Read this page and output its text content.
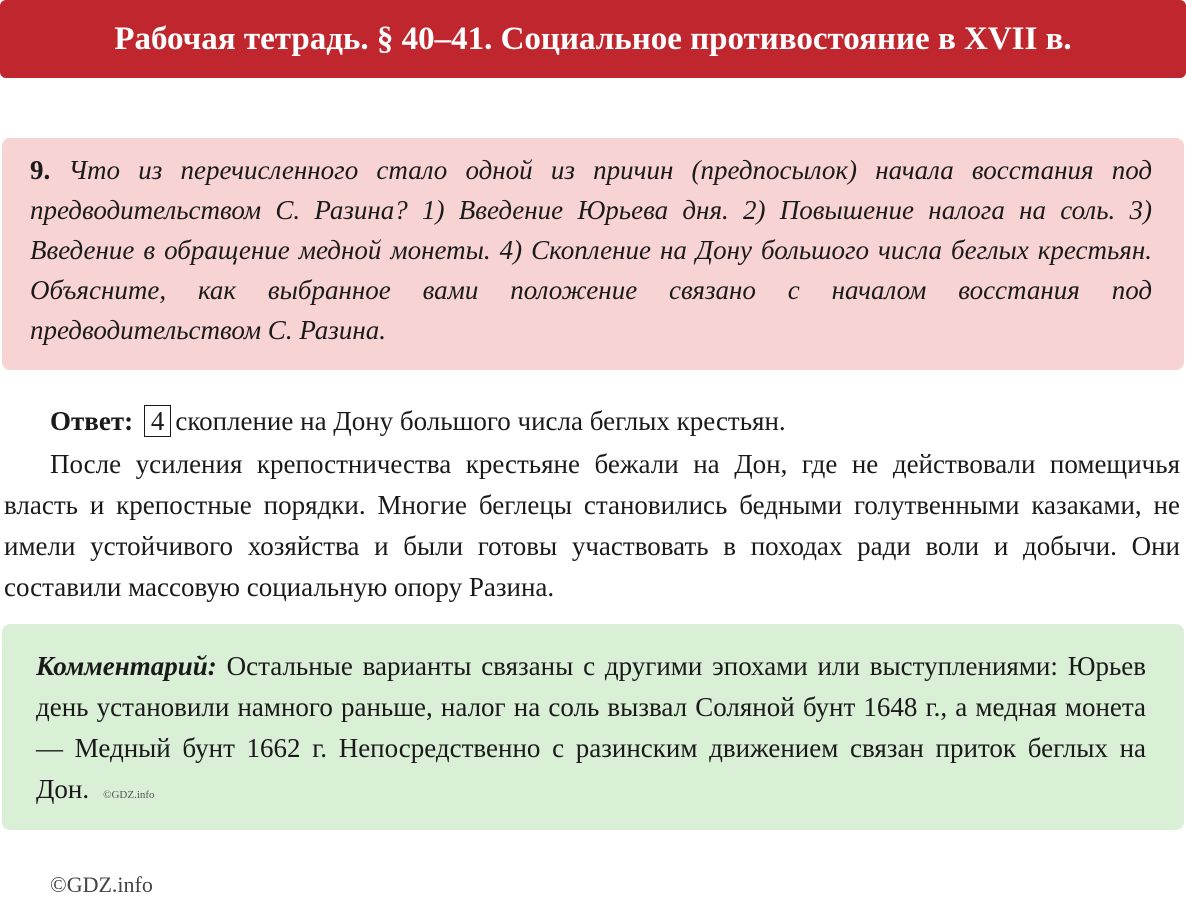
Рабочая тетрадь. § 40–41. Социальное противостояние в XVII в.
9. Что из перечисленного стало одной из причин (предпосылок) начала восстания под предводительством С. Разина? 1) Введение Юрьева дня. 2) Повышение налога на соль. 3) Введение в обращение медной монеты. 4) Скопление на Дону большого числа беглых крестьян. Объясните, как выбранное вами положение связано с началом восстания под предводительством С. Разина.
Ответ: 4 скопление на Дону большого числа беглых крестьян.
После усиления крепостничества крестьяне бежали на Дон, где не действовали помещичья власть и крепостные порядки. Многие беглецы становились бедными голутвенными казаками, не имели устойчивого хозяйства и были готовы участвовать в походах ради воли и добычи. Они составили массовую социальную опору Разина.
Комментарий: Остальные варианты связаны с другими эпохами или выступлениями: Юрьев день установили намного раньше, налог на соль вызвал Соляной бунт 1648 г., а медная монета — Медный бунт 1662 г. Непосредственно с разинским движением связан приток беглых на Дон. ©GDZ.info
©GDZ.info
